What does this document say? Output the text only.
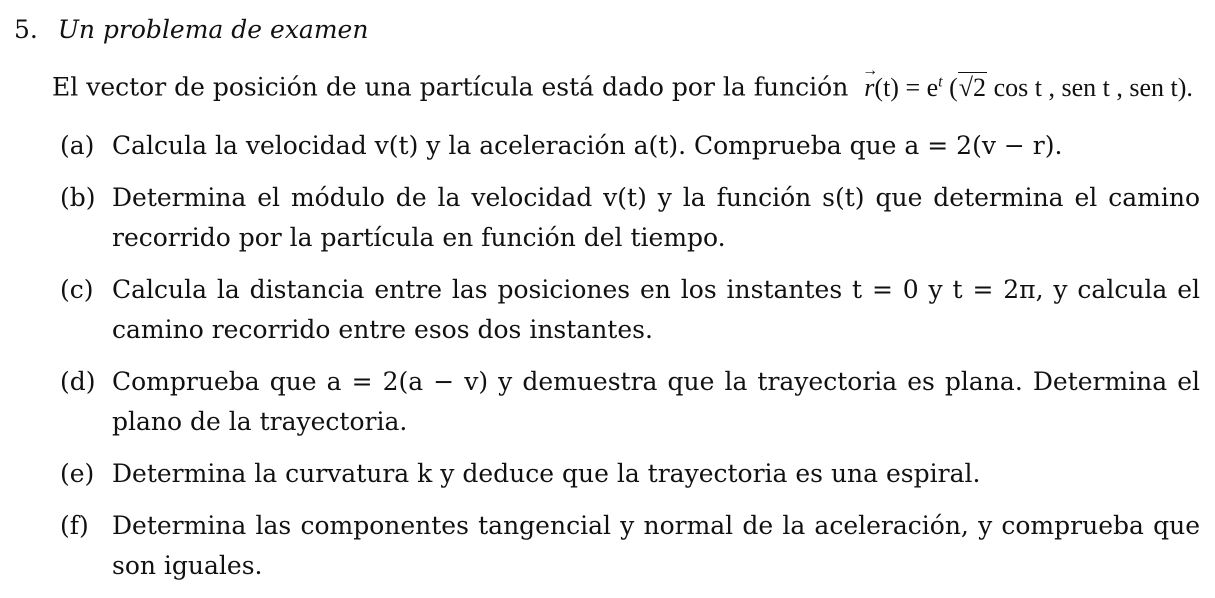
5. Un problema de examen
El vector de posición de una partícula está dado por la función → $r(t) = e^t$ (√2 cos t , sen t , sen t).
(a) Calcula la velocidad v(t) y la aceleración a(t). Comprueba que a = 2(v − r).
(b) Determina el módulo de la velocidad v(t) y la función s(t) que determina el camino recorrido por la partícula en función del tiempo.
(c) Calcula la distancia entre las posiciones en los instantes t = 0 y t = 2π, y calcula el camino recorrido entre esos dos instantes.
(d) Comprueba que a = 2(a − v) y demuestra que la trayectoria es plana. Determina el plano de la trayectoria.
(e) Determina la curvatura k y deduce que la trayectoria es una espiral.
(f) Determina las componentes tangencial y normal de la aceleración, y comprueba que son iguales.
